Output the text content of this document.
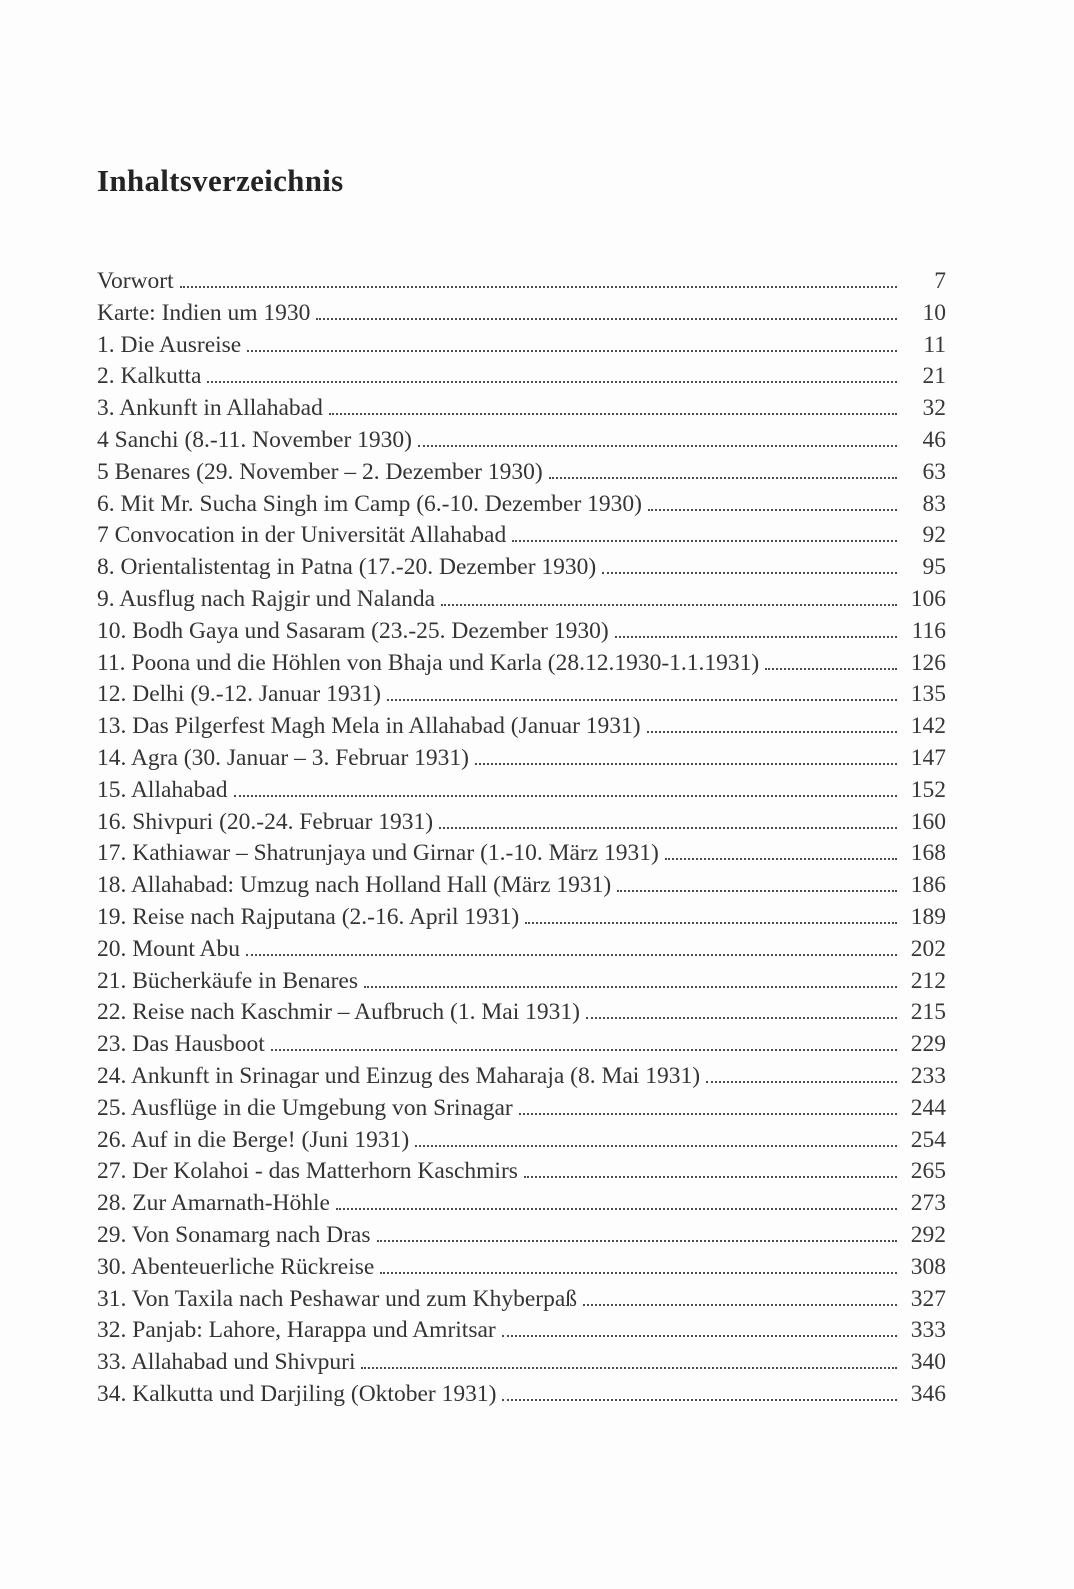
Inhaltsverzeichnis
Vorwort	7
Karte: Indien um 1930	10
1. Die Ausreise	11
2. Kalkutta	21
3. Ankunft in Allahabad	32
4 Sanchi (8.-11. November 1930)	46
5 Benares (29. November – 2. Dezember 1930)	63
6. Mit Mr. Sucha Singh im Camp (6.-10. Dezember 1930)	83
7 Convocation in der Universität Allahabad	92
8. Orientalistentag in Patna (17.-20. Dezember 1930)	95
9. Ausflug nach Rajgir und Nalanda	106
10. Bodh Gaya und Sasaram (23.-25. Dezember 1930)	116
11. Poona und die Höhlen von Bhaja und Karla (28.12.1930-1.1.1931)	126
12. Delhi (9.-12. Januar 1931)	135
13. Das Pilgerfest Magh Mela in Allahabad (Januar 1931)	142
14. Agra (30. Januar – 3. Februar 1931)	147
15. Allahabad	152
16. Shivpuri (20.-24. Februar 1931)	160
17. Kathiawar – Shatrunjaya und Girnar (1.-10. März 1931)	168
18. Allahabad: Umzug nach Holland Hall (März 1931)	186
19. Reise nach Rajputana (2.-16. April 1931)	189
20. Mount Abu	202
21. Bücherkäufe in Benares	212
22. Reise nach Kaschmir – Aufbruch (1. Mai 1931)	215
23. Das Hausboot	229
24. Ankunft in Srinagar und Einzug des Maharaja (8. Mai 1931)	233
25. Ausflüge in die Umgebung von Srinagar	244
26. Auf in die Berge! (Juni 1931)	254
27. Der Kolahoi - das Matterhorn Kaschmirs	265
28. Zur Amarnath-Höhle	273
29. Von Sonamarg nach Dras	292
30. Abenteuerliche Rückreise	308
31. Von Taxila nach Peshawar und zum Khyberpaß	327
32. Panjab: Lahore, Harappa und Amritsar	333
33. Allahabad und Shivpuri	340
34. Kalkutta und Darjiling (Oktober 1931)	346
